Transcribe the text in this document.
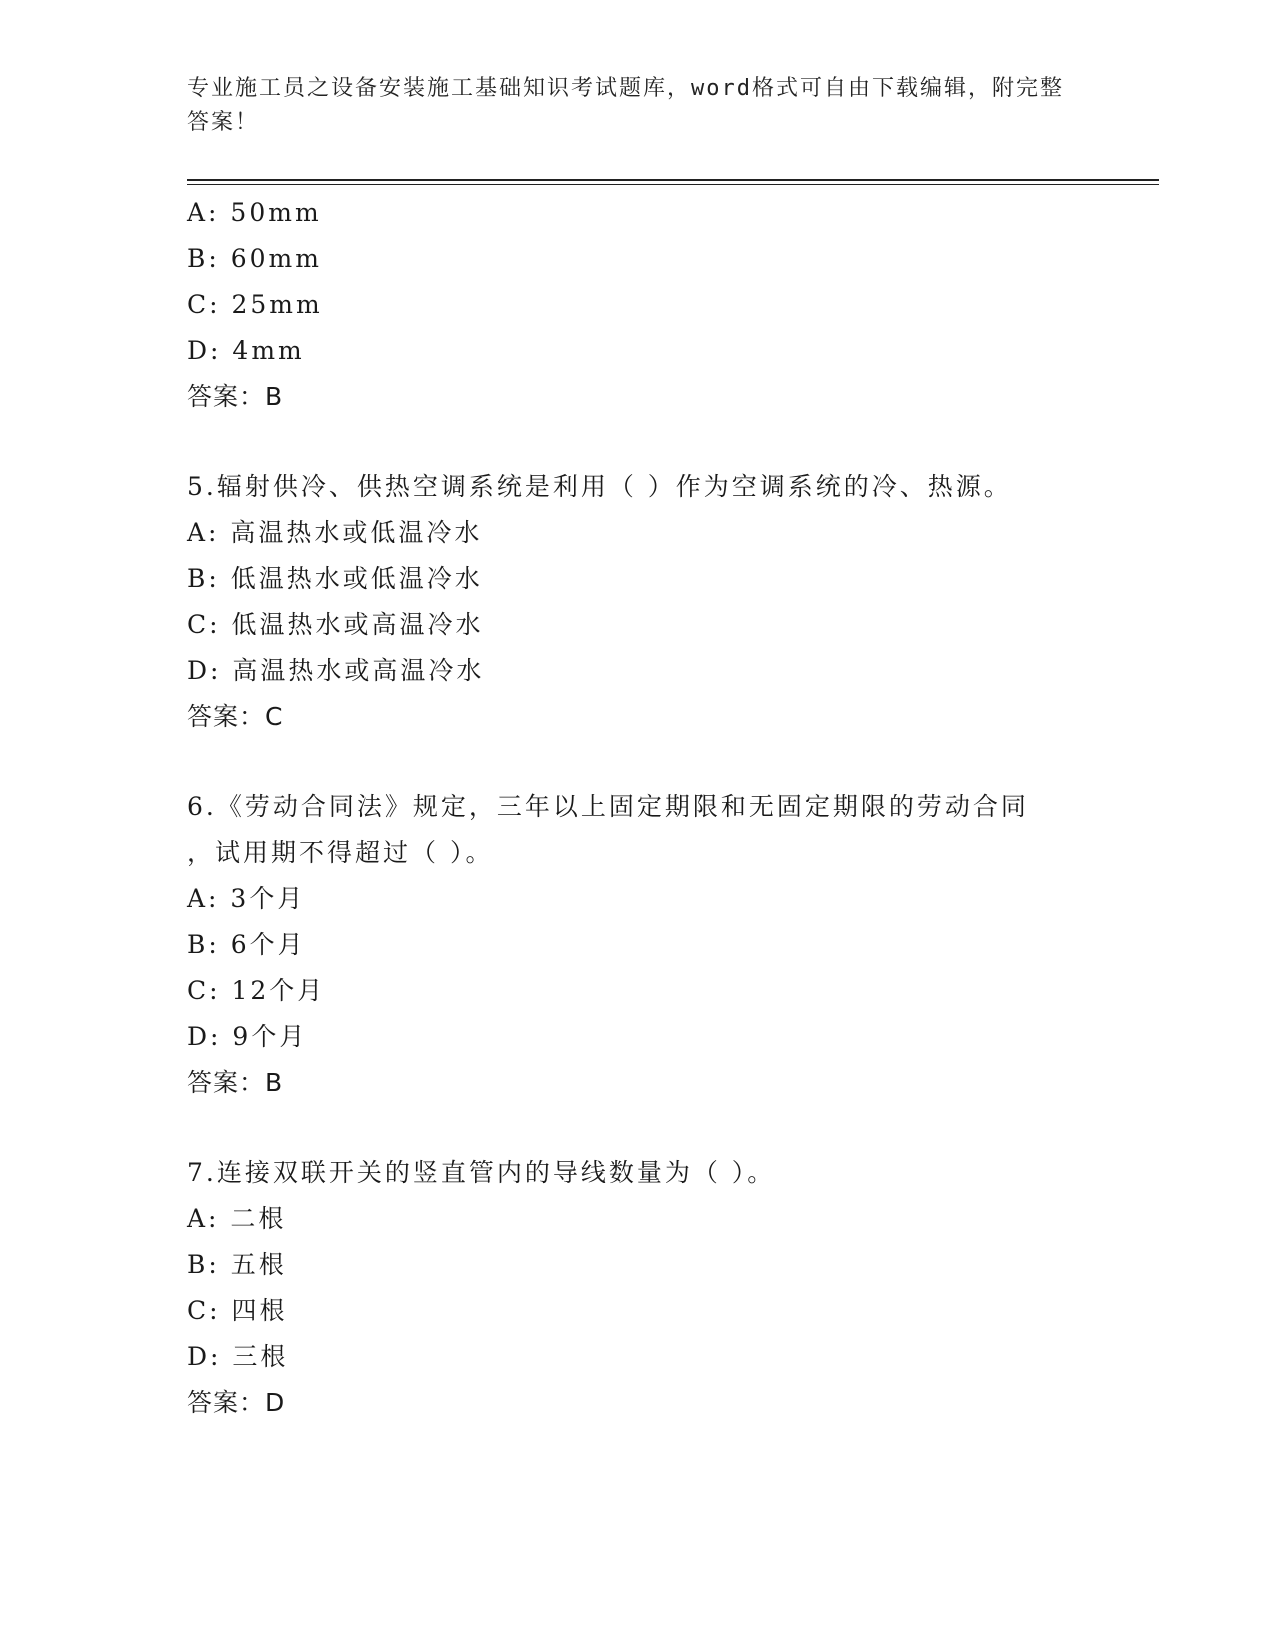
专业施工员之设备安装施工基础知识考试题库，word格式可自由下载编辑，附完整答案！
A: 50mm
B: 60mm
C: 25mm
D: 4mm
答案：B
5.辐射供冷、供热空调系统是利用（ ）作为空调系统的冷、热源。
A: 高温热水或低温冷水
B: 低温热水或低温冷水
C: 低温热水或高温冷水
D: 高温热水或高温冷水
答案：C
6.《劳动合同法》规定，三年以上固定期限和无固定期限的劳动合同
，试用期不得超过（ ）。
A: 3个月
B: 6个月
C: 12个月
D: 9个月
答案：B
7.连接双联开关的竖直管内的导线数量为（ ）。
A: 二根
B: 五根
C: 四根
D: 三根
答案：D
